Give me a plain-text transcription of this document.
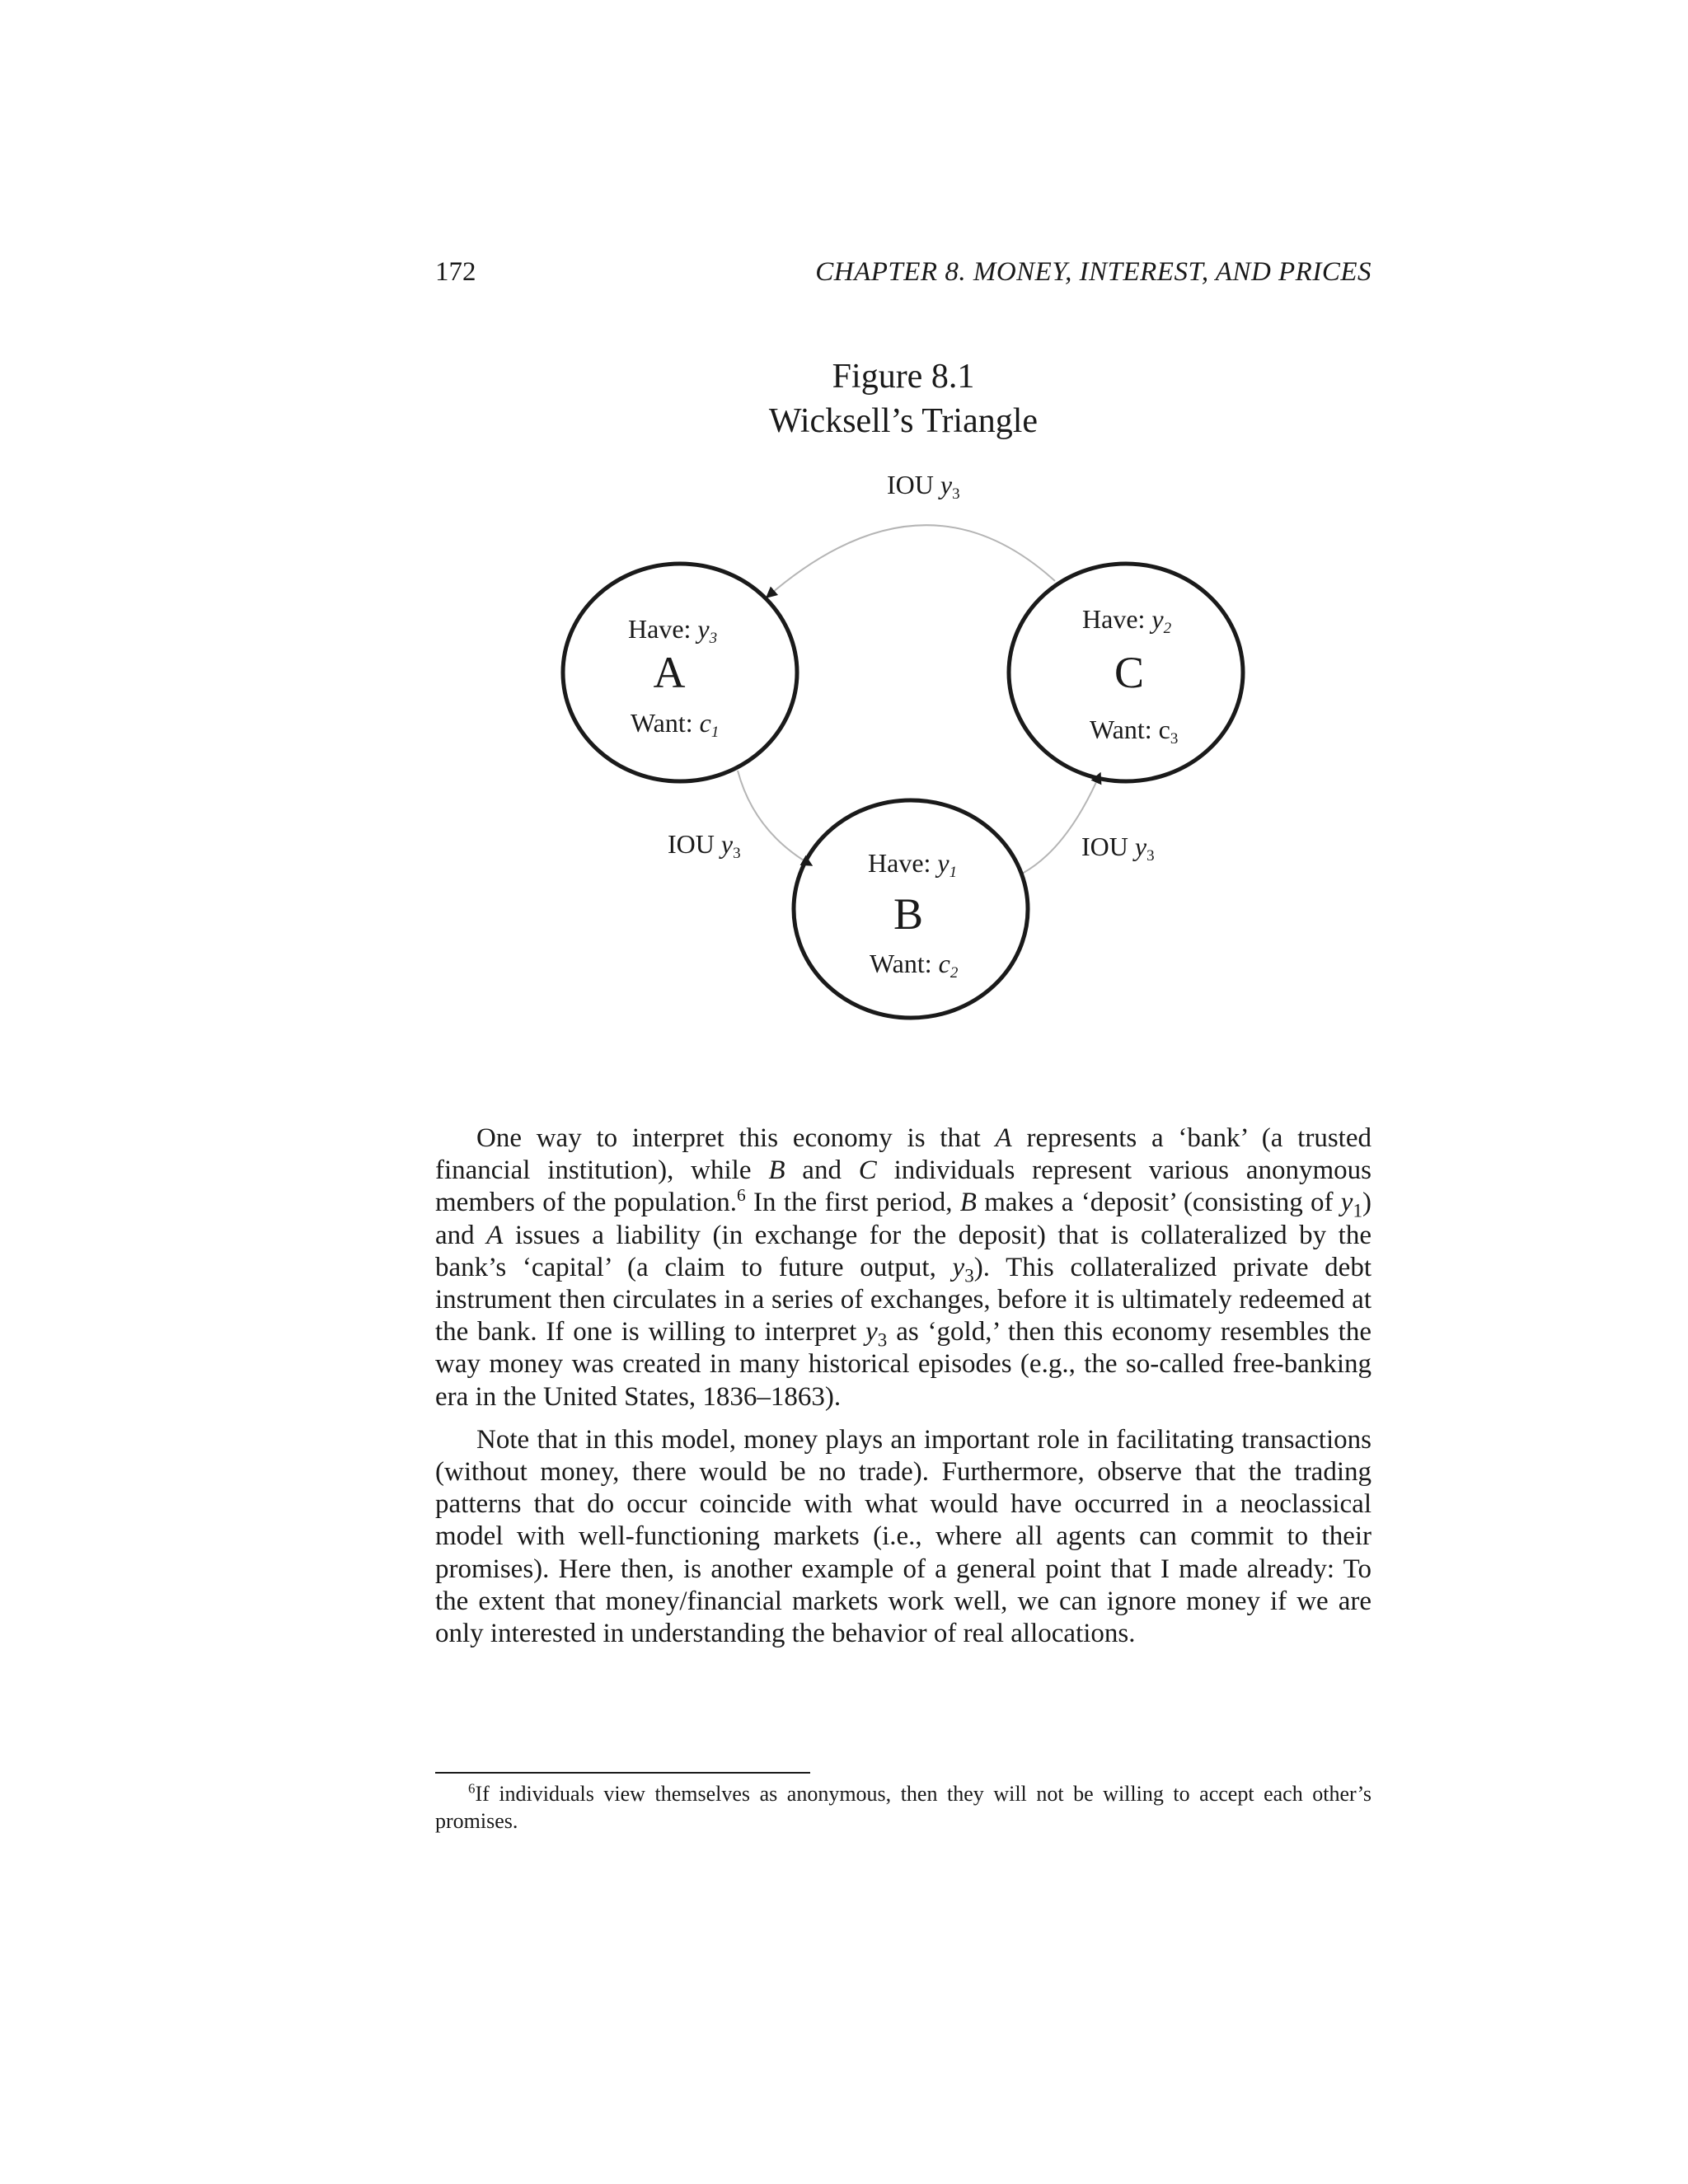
172	CHAPTER 8. MONEY, INTEREST, AND PRICES
Figure 8.1
Wicksell’s Triangle
Have: y3
A
Want: c1
Have: y2
C
Want: c3
Have: y1
B
Want: c2
IOU y3
IOU y3	IOU y3

One way to interpret this economy is that A represents a ‘bank’ (a trusted financial institution), while B and C individuals represent various anonymous members of the population.$^6$ In the first period, B makes a ‘deposit’ (consisting of $y_1$) and A issues a liability (in exchange for the deposit) that is collateralized by the bank’s ‘capital’ (a claim to future output, $y_3$). This collateralized private debt instrument then circulates in a series of exchanges, before it is ultimately redeemed at the bank. If one is willing to interpret $y_3$ as ‘gold,’ then this economy resembles the way money was created in many historical episodes (e.g., the so-called free-banking era in the United States, 1836–1863).

Note that in this model, money plays an important role in facilitating transactions (without money, there would be no trade). Furthermore, observe that the trading patterns that do occur coincide with what would have occurred in a neoclassical model with well-functioning markets (i.e., where all agents can commit to their promises). Here then, is another example of a general point that I made already: To the extent that money/financial markets work well, we can ignore money if we are only interested in understanding the behavior of real allocations.

$^6$If individuals view themselves as anonymous, then they will not be willing to accept each other’s promises.
